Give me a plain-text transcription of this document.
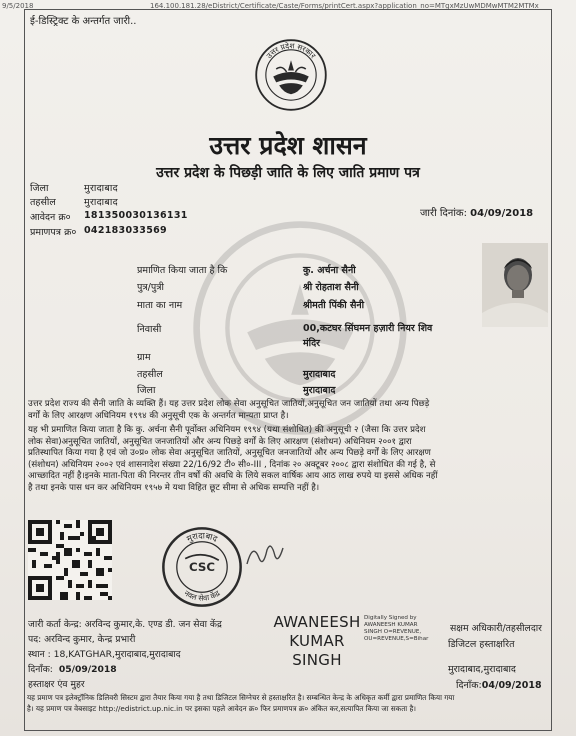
9/5/2018	164.100.181.28/eDistrict/Certificate/Caste/Forms/printCert.aspx?application_no=MTgxMzUwMDMwMTM2MTMx
ई-डिस्ट्रिक्ट के अन्तर्गत जारी..
उत्तर प्रदेश सरकार
उत्तर प्रदेश शासन
उत्तर प्रदेश के पिछड़ी जाति के लिए जाति प्रमाण पत्र
जिला	मुरादाबाद
तहसील	मुरादाबाद
आवेदन क्र० 181350030136131
प्रमाणपत्र क्र० 042183033569
जारी दिनांक: 04/09/2018
प्रमाणित किया जाता है कि	कु. अर्चना सैनी
पुत्र/पुत्री	श्री रोहताश सैनी
माता का नाम	श्रीमती पिंकी सैनी
निवासी	00,कटघर सिंघमन हज़ारी नियर शिव
मंदिर
ग्राम
तहसील	मुरादाबाद
जिला	मुरादाबाद
उत्तर प्रदेश राज्य की सैनी जाति के व्यक्ति हैं। यह उत्तर प्रदेश लोक सेवा अनुसूचित जातियों,अनुसूचित जन जातियों तथा अन्य पिछड़े
वर्गों के लिए आरक्षण अधिनियम १९९४ की अनुसूची एक के अन्तर्गत मान्यता प्राप्त है।
यह भी प्रमाणित किया जाता है कि कु. अर्चना सैनी पूर्वोक्त अधिनियम १९९४ (यथा संशोधित) की अनुसूची २ (जैसा कि उत्तर प्रदेश
लोक सेवा)अनुसूचित जातियों, अनुसूचित जनजातियों और अन्य पिछड़े वर्गों के लिए आरक्षण (संशोधन) अधिनियम २००१ द्वारा
प्रतिस्थापित किया गया है एवं जो उ०प्र० लोक सेवा अनुसूचित जातियों, अनुसूचित जनजातियों और अन्य पिछड़े वर्गों के लिए आरक्षण
(संशोधन) अधिनियम २००२ एवं शासनादेश संख्या 22/16/92 टी० सी०-III , दिनांक २० अक्टूबर २००८ द्वारा संशोधित की गई है, से
आच्छादित नहीं है।इनके माता-पिता की निरन्तर तीन वर्षों की अवधि के लिये सकल वार्षिक आय आठ लाख रुपये या इससे अधिक नहीं
है तथा इनके पास धन कर अधिनियम १९५७ मे यथा विहित छूट सीमा से अधिक सम्पत्ति नहीं है।
मुरादाबाद
नवल सेवा केंद्र
CSC
जारी कर्ता केन्द्र: अरविन्द कुमार,के. एण्ड डी. जन सेवा केंद्र
पद: अरविन्द कुमार, केन्द्र प्रभारी
स्थान : 18,KATGHAR,मुरादाबाद,मुरादाबाद
दिनाँक: 05/09/2018
हस्ताक्षर एंव मुहर
AWANEESH
KUMAR
SINGH
Digitally Signed by
AWANEESH KUMAR
SINGH O=REVENUE,
OU=REVENUE,S=Bihar
सक्षम अधिकारी/तहसीलदार
डिजिटल हस्ताक्षरित
मुरादाबाद,मुरादाबाद
दिनाँक:04/09/2018
यह प्रमाण पत्र इलेक्ट्रॉनिक डिलिवरी सिस्टम द्वारा तैयार किया गया है तथा डिजिटल सिग्नेचर से हस्ताक्षरित है। सम्बन्धित केन्द्र के अधिकृत कर्मी द्वारा प्रमाणित किया गया
है। यह प्रमाण पत्र वेबसाइट http://edistrict.up.nic.in पर इसका पहले आवेदन क्र० फिर प्रमाणपत्र क्र० अंकित कर,सत्यापित किया जा सकता है।
